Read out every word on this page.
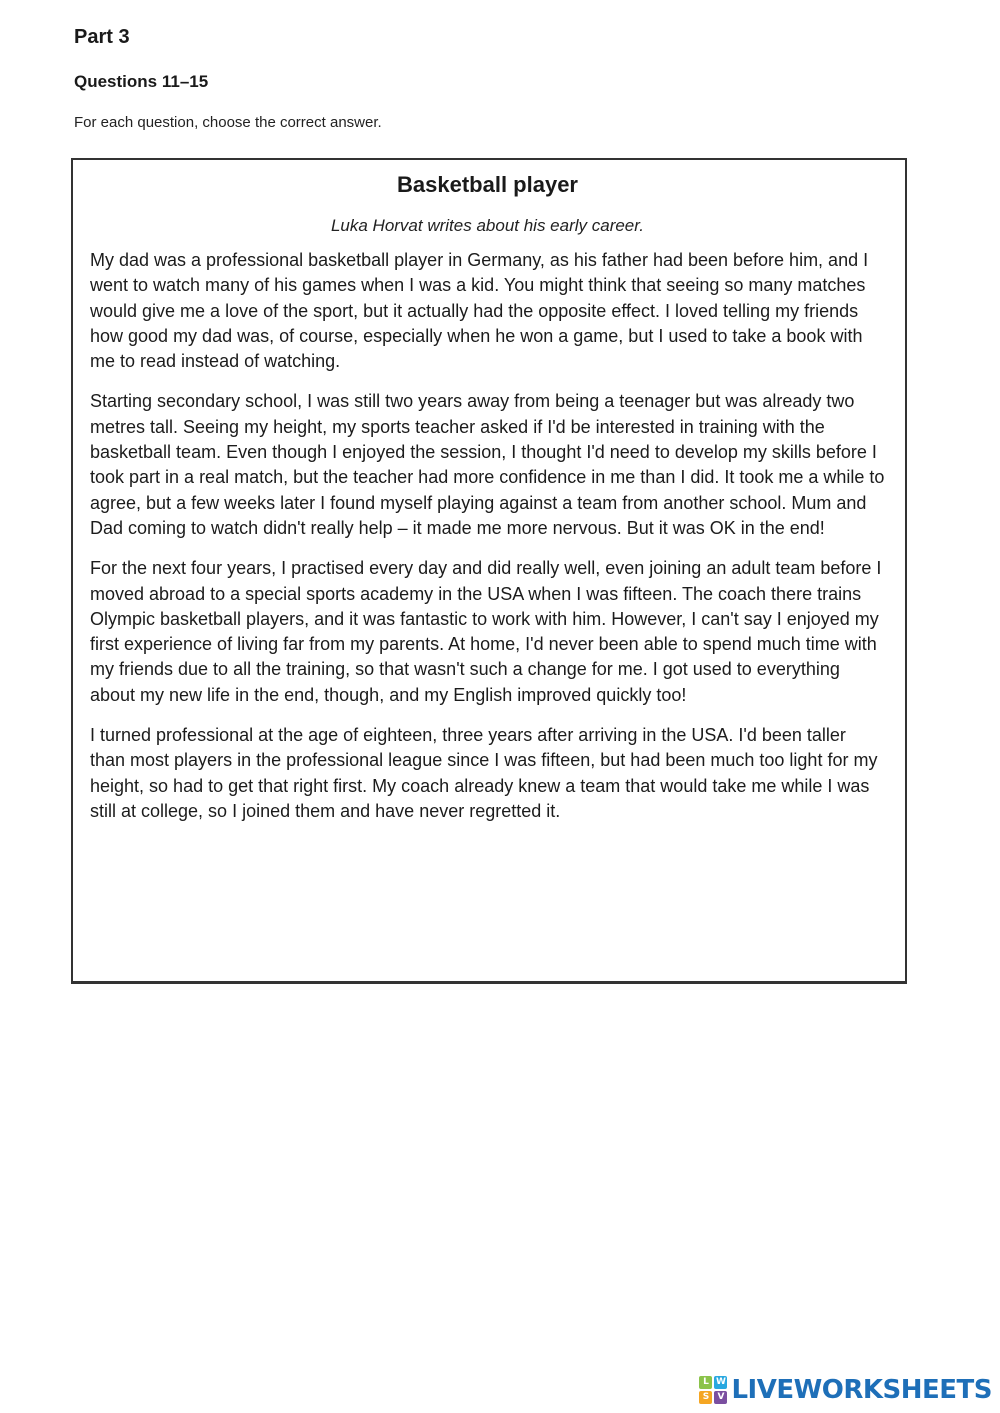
Part 3
Questions 11–15

For each question, choose the correct answer.

Basketball player

Luka Horvat writes about his early career.

My dad was a professional basketball player in Germany, as his father had been before him, and I went to watch many of his games when I was a kid. You might think that seeing so many matches would give me a love of the sport, but it actually had the opposite effect. I loved telling my friends how good my dad was, of course, especially when he won a game, but I used to take a book with me to read instead of watching.

Starting secondary school, I was still two years away from being a teenager but was already two metres tall. Seeing my height, my sports teacher asked if I'd be interested in training with the basketball team. Even though I enjoyed the session, I thought I'd need to develop my skills before I took part in a real match, but the teacher had more confidence in me than I did. It took me a while to agree, but a few weeks later I found myself playing against a team from another school. Mum and Dad coming to watch didn't really help – it made me more nervous. But it was OK in the end!

For the next four years, I practised every day and did really well, even joining an adult team before I moved abroad to a special sports academy in the USA when I was fifteen. The coach there trains Olympic basketball players, and it was fantastic to work with him. However, I can't say I enjoyed my first experience of living far from my parents. At home, I'd never been able to spend much time with my friends due to all the training, so that wasn't such a change for me. I got used to everything about my new life in the end, though, and my English improved quickly too!

I turned professional at the age of eighteen, three years after arriving in the USA. I'd been taller than most players in the professional league since I was fifteen, but had been much too light for my height, so had to get that right first. My coach already knew a team that would take me while I was still at college, so I joined them and have never regretted it.

L W
S V LIVEWORKSHEETS
